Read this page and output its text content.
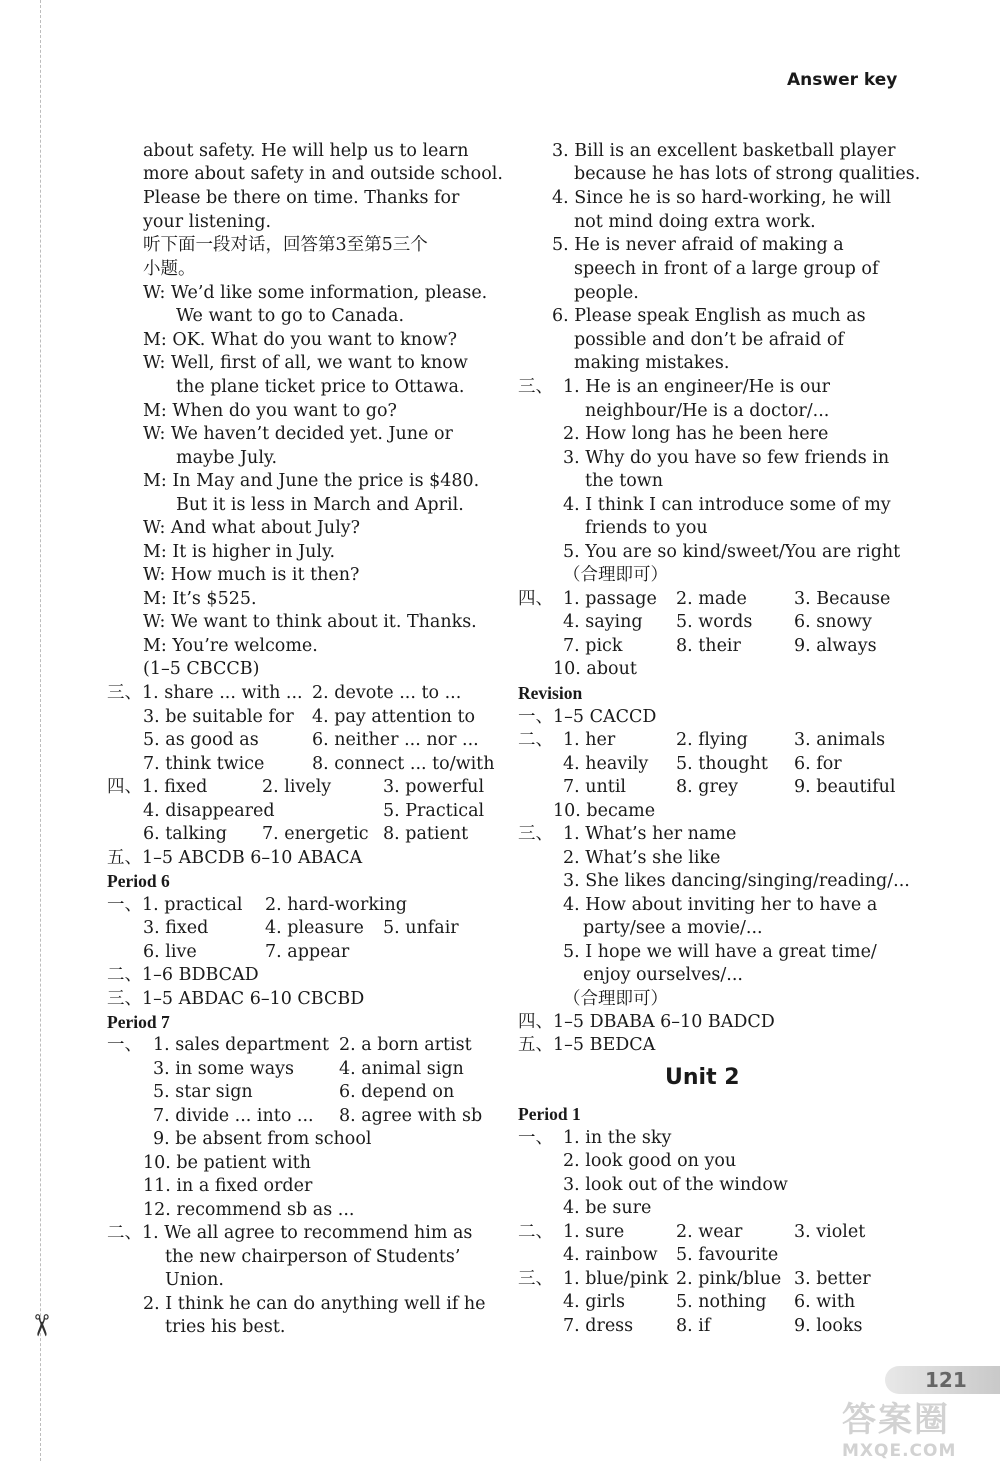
✂
Answer key
about safety. He will help us to learn
more about safety in and outside school.
Please be there on time. Thanks for
your listening.
听下面一段对话，回答第3至第5三个
小题。
W: We’d like some information, please.
We want to go to Canada.
M: OK. What do you want to know?
W: Well, first of all, we want to know
the plane ticket price to Ottawa.
M: When do you want to go?
W: We haven’t decided yet. June or
maybe July.
M: In May and June the price is $480.
But it is less in March and April.
W: And what about July?
M: It is higher in July.
W: How much is it then?
M: It’s $525.
W: We want to think about it. Thanks.
M: You’re welcome.
(1–5 CBCCB)
三、1. share ... with ... 2. devote ... to ...
3. be suitable for 4. pay attention to
5. as good as	6. neither ... nor ...
7. think twice	8. connect ... to/with
四、1. fixed	2. lively	3. powerful
4. disappeared	5. Practical
6. talking 7. energetic 8. patient
五、1–5 ABCDB 6–10 ABACA
Period 6
一、1. practical 2. hard-working
3. fixed	4. pleasure 5. unfair
6. live	7. appear
二、1–6 BDBCAD
三、1–5 ABDAC 6–10 CBCBD
Period 7
一、 1. sales department 2. a born artist
3. in some ways	4. animal sign
5. star sign	6. depend on
7. divide ... into ... 8. agree with sb
9. be absent from school
10. be patient with
11. in a fixed order
12. recommend sb as ...
二、1. We all agree to recommend him as
the new chairperson of Students’
Union.
2. I think he can do anything well if he
tries his best.
3. Bill is an excellent basketball player
because he has lots of strong qualities.
4. Since he is so hard-working, he will
not mind doing extra work.
5. He is never afraid of making a
speech in front of a large group of
people.
6. Please speak English as much as
possible and don’t be afraid of
making mistakes.
三、 1. He is an engineer/He is our
neighbour/He is a doctor/...
2. How long has he been here
3. Why do you have so few friends in
the town
4. I think I can introduce some of my
friends to you
5. You are so kind/sweet/You are right
（合理即可）
四、 1. passage 2. made	3. Because
4. saying 5. words 6. snowy
7. pick	8. their	9. always
10. about
Revision
一、1–5 CACCD
二、 1. her	2. flying	3. animals
4. heavily 5. thought 6. for
7. until	8. grey	9. beautiful
10. became
三、 1. What’s her name
2. What’s she like
3. She likes dancing/singing/reading/...
4. How about inviting her to have a
party/see a movie/...
5. I hope we will have a great time/
enjoy ourselves/...
（合理即可）
四、1–5 DBABA 6–10 BADCD
五、1–5 BEDCA
Period 1
一、 1. in the sky
2. look good on you
3. look out of the window
4. be sure
二、 1. sure	2. wear	3. violet
4. rainbow 5. favourite
三、 1. blue/pink 2. pink/blue 3. better
4. girls	5. nothing 6. with
7. dress 8. if	9. looks
Unit 2
121
答案圈
MXQE.COM
